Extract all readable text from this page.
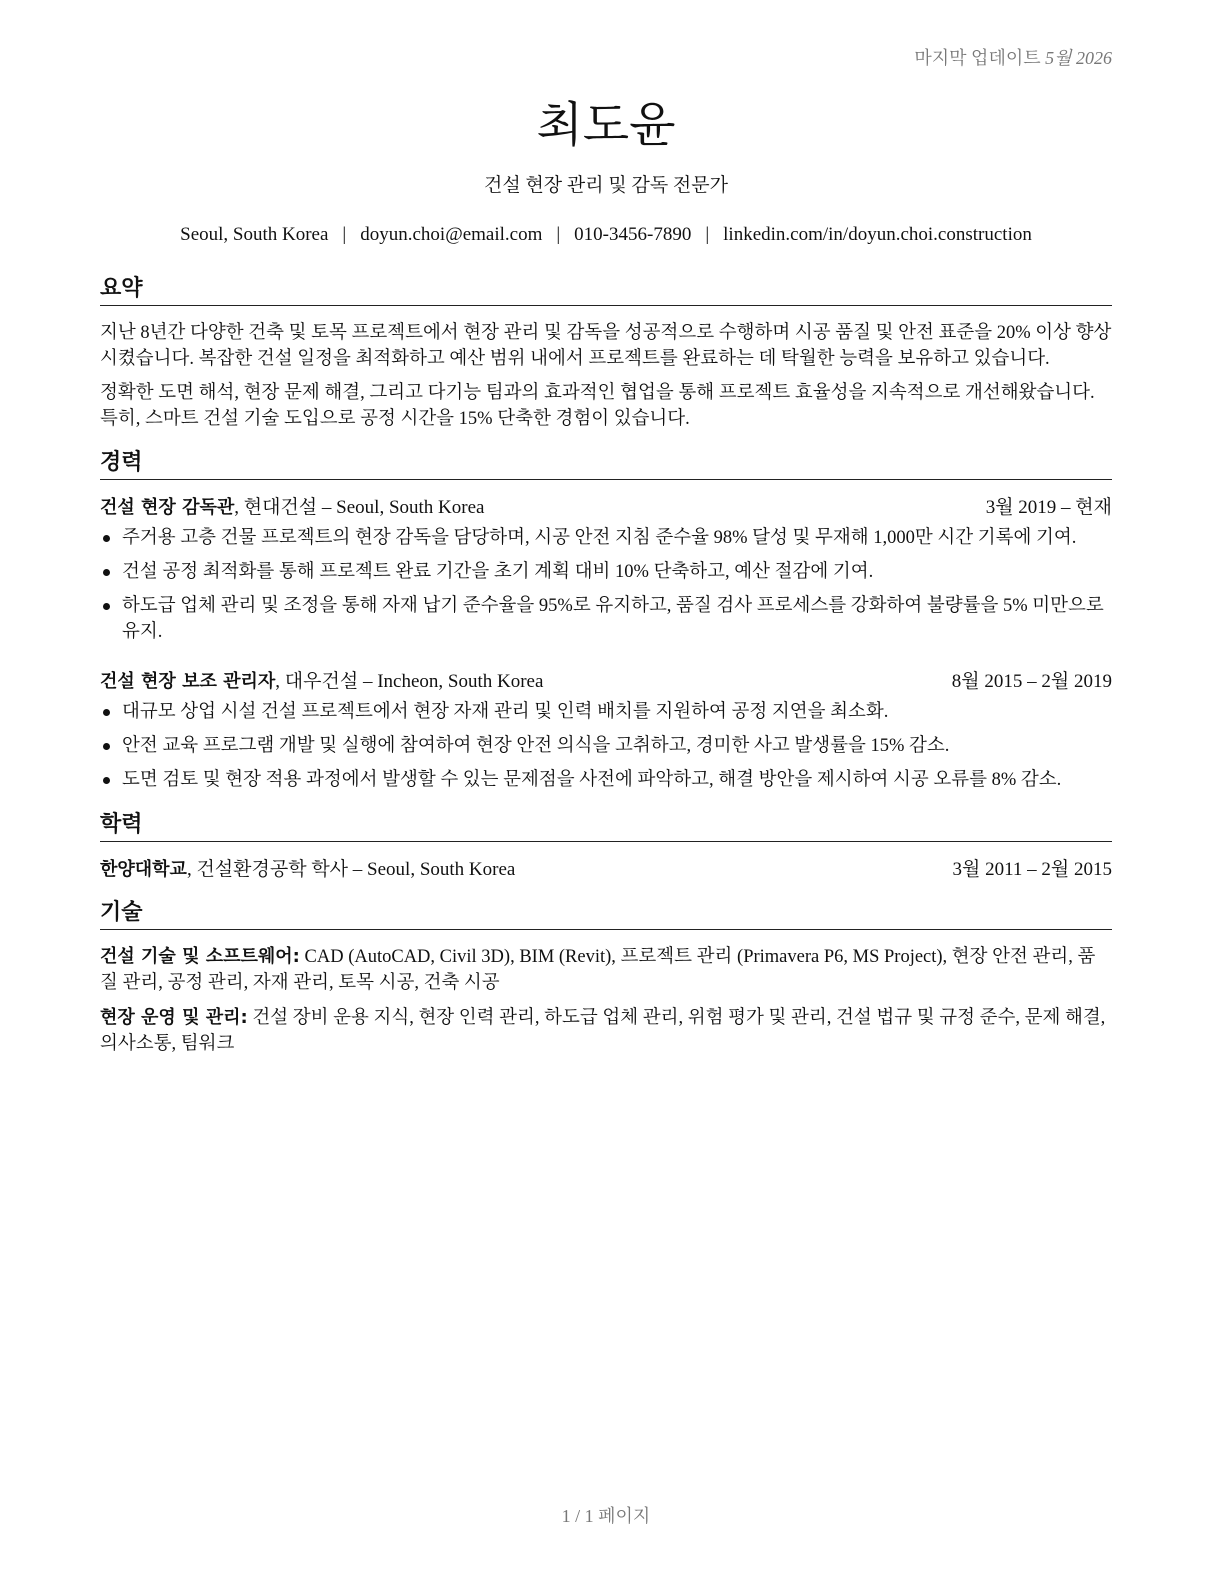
마지막 업데이트 5월 2026
최도윤

건설 현장 관리 및 감독 전문가

Seoul, South Korea | doyun.choi@email.com | 010-3456-7890 | linkedin.com/in/doyun.choi.construction
요약

지난 8년간 다양한 건축 및 토목 프로젝트에서 현장 관리 및 감독을 성공적으로 수행하며 시공 품질 및 안전 표준을 20% 이상 향상시켰습니다. 복잡한 건설 일정을 최적화하고 예산 범위 내에서 프로젝트를 완료하는 데 탁월한 능력을 보유하고 있습니다.

정확한 도면 해석, 현장 문제 해결, 그리고 다기능 팀과의 효과적인 협업을 통해 프로젝트 효율성을 지속적으로 개선해왔습니다. 특히, 스마트 건설 기술 도입으로 공정 시간을 15% 단축한 경험이 있습니다.

경력
건설 현장 감독관, 현대건설 – Seoul, South Korea	3월 2019 – 현재
주거용 고층 건물 프로젝트의 현장 감독을 담당하며, 시공 안전 지침 준수율 98% 달성 및 무재해 1,000만 시간 기록에 기여.
건설 공정 최적화를 통해 프로젝트 완료 기간을 초기 계획 대비 10% 단축하고, 예산 절감에 기여.
하도급 업체 관리 및 조정을 통해 자재 납기 준수율을 95%로 유지하고, 품질 검사 프로세스를 강화하여 불량률을 5% 미만으로 유지.
건설 현장 보조 관리자, 대우건설 – Incheon, South Korea	8월 2015 – 2월 2019
대규모 상업 시설 건설 프로젝트에서 현장 자재 관리 및 인력 배치를 지원하여 공정 지연을 최소화.
안전 교육 프로그램 개발 및 실행에 참여하여 현장 안전 의식을 고취하고, 경미한 사고 발생률을 15% 감소.
도면 검토 및 현장 적용 과정에서 발생할 수 있는 문제점을 사전에 파악하고, 해결 방안을 제시하여 시공 오류를 8% 감소.
학력
한양대학교, 건설환경공학 학사 – Seoul, South Korea	3월 2011 – 2월 2015
기술

건설 기술 및 소프트웨어: CAD (AutoCAD, Civil 3D), BIM (Revit), 프로젝트 관리 (Primavera P6, MS Project), 현장 안전 관리, 품질 관리, 공정 관리, 자재 관리, 토목 시공, 건축 시공

현장 운영 및 관리: 건설 장비 운용 지식, 현장 인력 관리, 하도급 업체 관리, 위험 평가 및 관리, 건설 법규 및 규정 준수, 문제 해결, 의사소통, 팀워크

1 / 1 페이지
